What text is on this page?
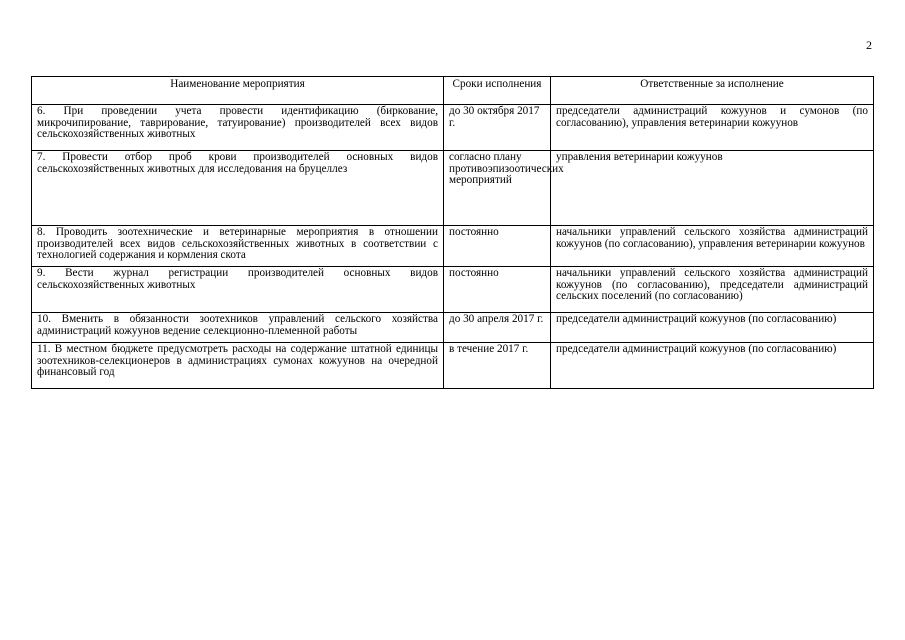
2
Наименование мероприятия	Сроки исполнения	Ответственные за исполнение
6. При проведении учета провести идентификацию (биркование, микрочипирование, таврирование, татуирование) производителей всех видов сельскохозяйственных животных	до 30 октября 2017 г.	председатели администраций кожуунов и сумонов (по согласованию), управления ветеринарии кожуунов
7. Провести отбор проб крови производителей основных видов сельскохозяйственных животных для исследования на бруцеллез	согласно плану противоэпизоотических мероприятий	управления ветеринарии кожуунов
8. Проводить зоотехнические и ветеринарные мероприятия в отношении производителей всех видов сельскохозяйственных животных в соответствии с технологией содержания и кормления скота	постоянно	начальники управлений сельского хозяйства администраций кожуунов (по согласованию), управления ветеринарии кожуунов
9. Вести журнал регистрации производителей основных видов сельскохозяйственных животных	постоянно	начальники управлений сельского хозяйства администраций кожуунов (по согласованию), председатели администраций сельских поселений (по согласованию)
10. Вменить в обязанности зоотехников управлений сельского хозяйства администраций кожуунов ведение селекционно-племенной работы	до 30 апреля 2017 г.	председатели администраций кожуунов (по согласованию)
11. В местном бюджете предусмотреть расходы на содержание штатной единицы зоотехников-селекционеров в администрациях сумонах кожуунов на очередной финансовый год	в течение 2017 г.	председатели администраций кожуунов (по согласованию)
